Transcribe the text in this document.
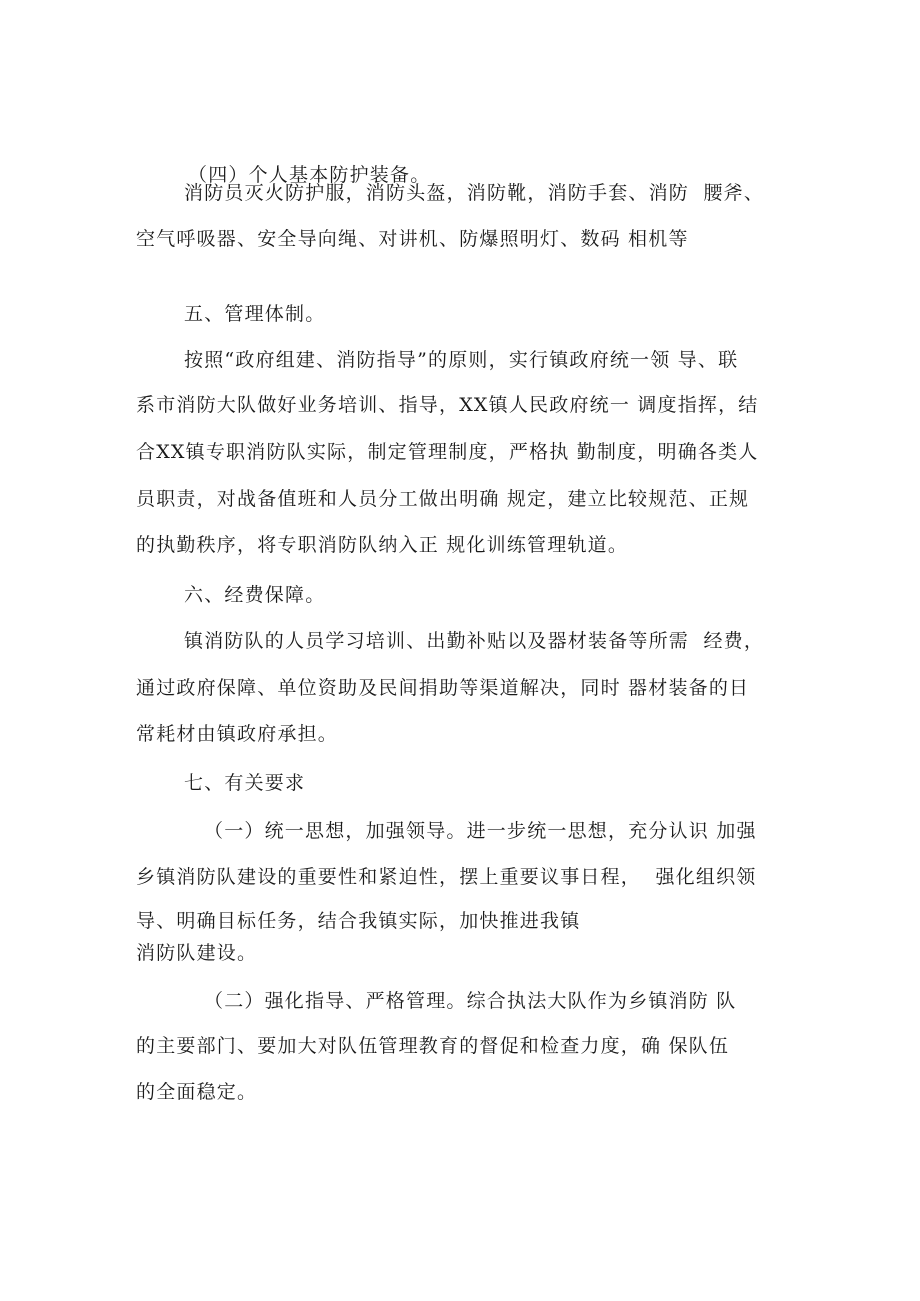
（四）个人基本防护装备。
消防员灭火防护服，消防头盔，消防靴，消防手套、消防  腰斧、
空气呼吸器、安全导向绳、对讲机、防爆照明灯、数码 相机等
五、管理体制。
按照“政府组建、消防指导”的原则，实行镇政府统一领 导、联
系市消防大队做好业务培训、指导，XX镇人民政府统一 调度指挥，结
合XX镇专职消防队实际，制定管理制度，严格执 勤制度，明确各类人
员职责，对战备值班和人员分工做出明确 规定，建立比较规范、正规
的执勤秩序，将专职消防队纳入正 规化训练管理轨道。
六、经费保障。
镇消防队的人员学习培训、出勤补贴以及器材装备等所需  经费，
通过政府保障、单位资助及民间捐助等渠道解决，同时 器材装备的日
常耗材由镇政府承担。
七、有关要求
（一）统一思想，加强领导。进一步统一思想，充分认识 加强
乡镇消防队建设的重要性和紧迫性，摆上重要议事日程，  强化组织领
导、明确目标任务，结合我镇实际，加快推进我镇
消防队建设。
（二）强化指导、严格管理。综合执法大队作为乡镇消防 队
的主要部门、要加大对队伍管理教育的督促和检查力度，确 保队伍
的全面稳定。
